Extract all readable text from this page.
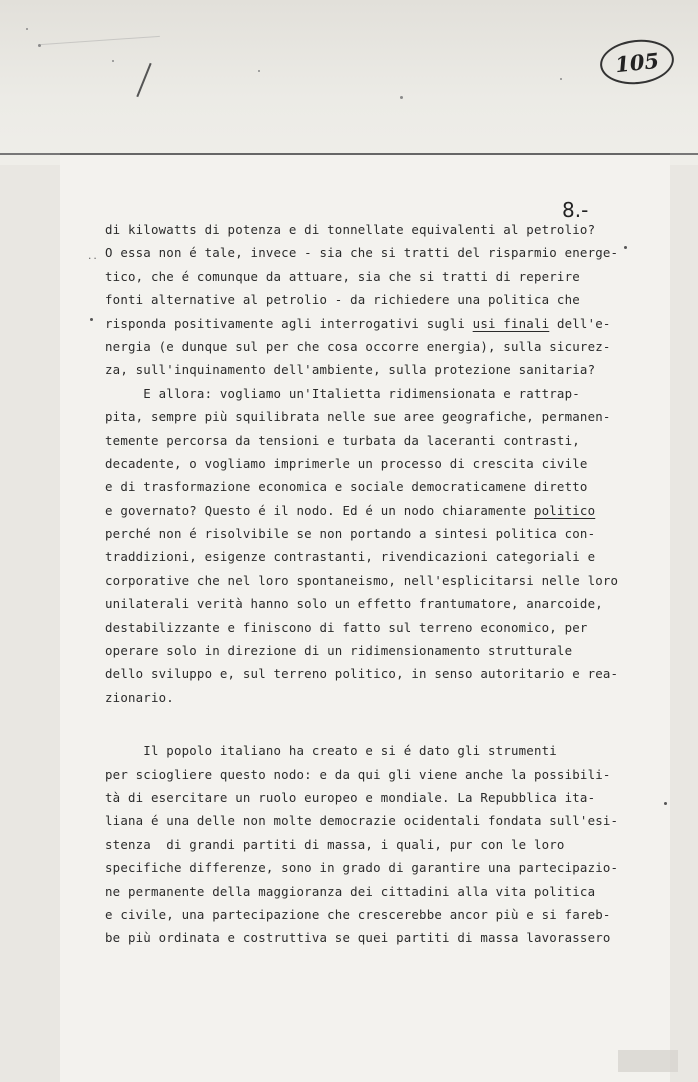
105
8.-
..

di kilowatts di potenza e di tonnellate equivalenti al petrolio?

O essa non é tale, invece - sia che si tratti del risparmio energe-

tico, che é comunque da attuare, sia che si tratti di reperire

fonti alternative al petrolio - da richiedere una politica che

risponda positivamente agli interrogativi sugli usi finali dell'e-

nergia (e dunque sul per che cosa occorre energia), sulla sicurez-

za, sull'inquinamento dell'ambiente, sulla protezione sanitaria?

E allora: vogliamo un'Italietta ridimensionata e rattrap-

pita, sempre più squilibrata nelle sue aree geografiche, permanen-

temente percorsa da tensioni e turbata da laceranti contrasti,

decadente, o vogliamo imprimerle un processo di crescita civile

e di trasformazione economica e sociale democraticamene diretto

e governato? Questo é il nodo. Ed é un nodo chiaramente politico

perché non é risolvibile se non portando a sintesi politica con-

traddizioni, esigenze contrastanti, rivendicazioni categoriali e

corporative che nel loro spontaneismo, nell'esplicitarsi nelle loro

unilaterali verità hanno solo un effetto frantumatore, anarcoide,

destabilizzante e finiscono di fatto sul terreno economico, per

operare solo in direzione di un ridimensionamento strutturale

dello sviluppo e, sul terreno politico, in senso autoritario e rea-

zionario.

Il popolo italiano ha creato e si é dato gli strumenti

per sciogliere questo nodo: e da qui gli viene anche la possibili-

tà di esercitare un ruolo europeo e mondiale. La Repubblica ita-

liana é una delle non molte democrazie ocidentali fondata sull'esi-

stenza  di grandi partiti di massa, i quali, pur con le loro

specifiche differenze, sono in grado di garantire una partecipazio-

ne permanente della maggioranza dei cittadini alla vita politica

e civile, una partecipazione che crescerebbe ancor più e si fareb-

be più ordinata e costruttiva se quei partiti di massa lavorassero
